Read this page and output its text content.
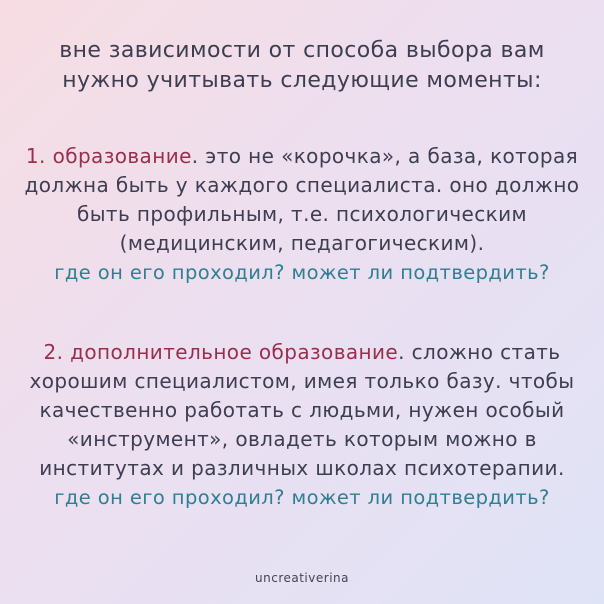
вне зависимости от способа выбора вам нужно учитывать следующие моменты:

1. образование. это не «корочка», а база, которая должна быть у каждого специалиста. оно должно быть профильным, т.е. психологическим (медицинским, педагогическим).
где он его проходил? может ли подтвердить?

2. дополнительное образование. сложно стать хорошим специалистом, имея только базу. чтобы качественно работать с людьми, нужен особый «инструмент», овладеть которым можно в институтах и различных школах психотерапии.
где он его проходил? может ли подтвердить?

uncreativerina
